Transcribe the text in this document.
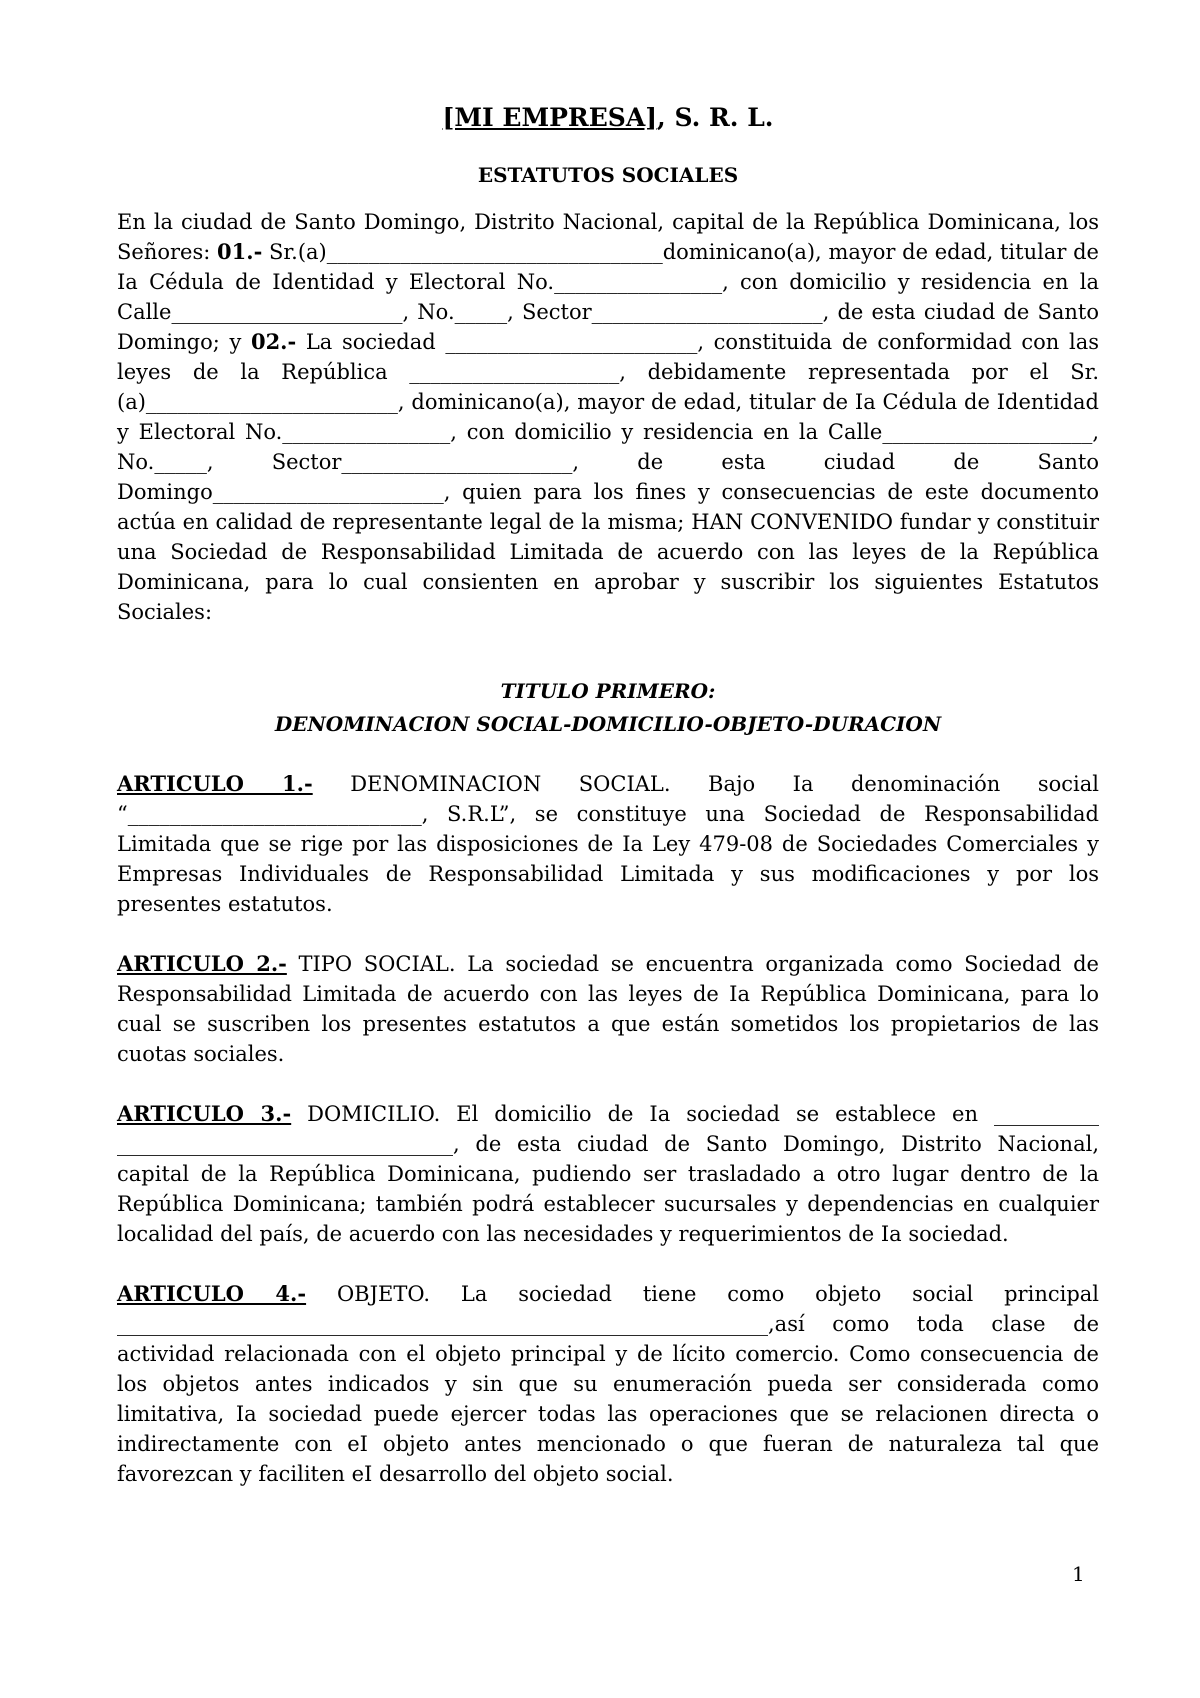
[MI EMPRESA], S. R. L.
ESTATUTOS SOCIALES

En la ciudad de Santo Domingo, Distrito Nacional, capital de la República Dominicana, los Señores: 01.- Sr.(a)________________________________dominicano(a), mayor de edad, titular de Ia Cédula de Identidad y Electoral No.________________, con domicilio y residencia en la Calle______________________, No._____, Sector______________________, de esta ciudad de Santo Domingo; y 02.- La sociedad ________________________, constituida de conformidad con las leyes de la República ____________________, debidamente representada por el Sr.(a)________________________, dominicano(a), mayor de edad, titular de Ia Cédula de Identidad y Electoral No.________________, con domicilio y residencia en la Calle____________________, No._____, Sector______________________, de esta ciudad de Santo Domingo______________________, quien para los fines y consecuencias de este documento actúa en calidad de representante legal de la misma; HAN CONVENIDO fundar y constituir una Sociedad de Responsabilidad Limitada de acuerdo con las leyes de la República Dominicana, para lo cual consienten en aprobar y suscribir los siguientes Estatutos Sociales:

TITULO PRIMERO:
DENOMINACION SOCIAL-DOMICILIO-OBJETO-DURACION

ARTICULO 1.- DENOMINACION SOCIAL. Bajo Ia denominación social “____________________________, S.R.L”, se constituye una Sociedad de Responsabilidad Limitada que se rige por las disposiciones de Ia Ley 479-08 de Sociedades Comerciales y Empresas Individuales de Responsabilidad Limitada y sus modificaciones y por los presentes estatutos.

ARTICULO 2.- TIPO SOCIAL. La sociedad se encuentra organizada como Sociedad de Responsabilidad Limitada de acuerdo con las leyes de Ia República Dominicana, para lo cual se suscriben los presentes estatutos a que están sometidos los propietarios de las cuotas sociales.

ARTICULO 3.- DOMICILIO. El domicilio de Ia sociedad se establece en __________ ________________________________, de esta ciudad de Santo Domingo, Distrito Nacional, capital de la República Dominicana, pudiendo ser trasladado a otro lugar dentro de la República Dominicana; también podrá establecer sucursales y dependencias en cualquier localidad del país, de acuerdo con las necesidades y requerimientos de Ia sociedad.

ARTICULO 4.- OBJETO. La sociedad tiene como objeto social principal ______________________________________________________________,así como toda clase de actividad relacionada con el objeto principal y de lícito comercio. Como consecuencia de los objetos antes indicados y sin que su enumeración pueda ser considerada como limitativa, Ia sociedad puede ejercer todas las operaciones que se relacionen directa o indirectamente con eI objeto antes mencionado o que fueran de naturaleza tal que favorezcan y faciliten eI desarrollo del objeto social.

1
